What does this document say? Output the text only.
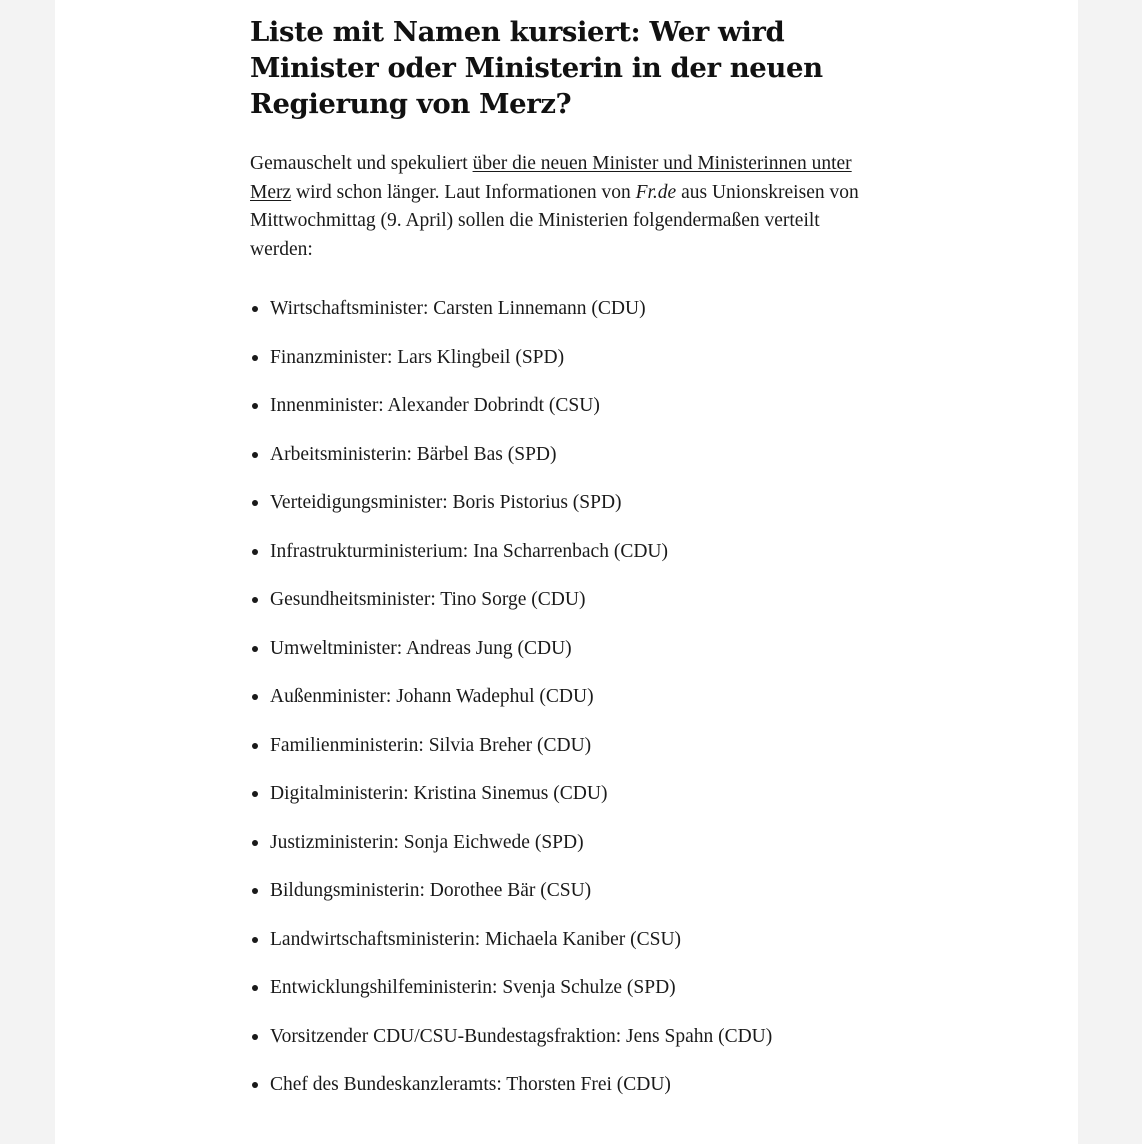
Liste mit Namen kursiert: Wer wird Minister oder Ministerin in der neuen Regierung von Merz?

Gemauschelt und spekuliert über die neuen Minister und Ministerinnen unter Merz wird schon länger. Laut Informationen von Fr.de aus Unionskreisen von Mittwochmittag (9. April) sollen die Ministerien folgendermaßen verteilt werden:

Wirtschaftsminister: Carsten Linnemann (CDU)
Finanzminister: Lars Klingbeil (SPD)
Innenminister: Alexander Dobrindt (CSU)
Arbeitsministerin: Bärbel Bas (SPD)
Verteidigungsminister: Boris Pistorius (SPD)
Infrastrukturministerium: Ina Scharrenbach (CDU)
Gesundheitsminister: Tino Sorge (CDU)
Umweltminister: Andreas Jung (CDU)
Außenminister: Johann Wadephul (CDU)
Familienministerin: Silvia Breher (CDU)
Digitalministerin: Kristina Sinemus (CDU)
Justizministerin: Sonja Eichwede (SPD)
Bildungsministerin: Dorothee Bär (CSU)
Landwirtschaftsministerin: Michaela Kaniber (CSU)
Entwicklungshilfeministerin: Svenja Schulze (SPD)
Vorsitzender CDU/CSU-Bundestagsfraktion: Jens Spahn (CDU)
Chef des Bundeskanzleramts: Thorsten Frei (CDU)
